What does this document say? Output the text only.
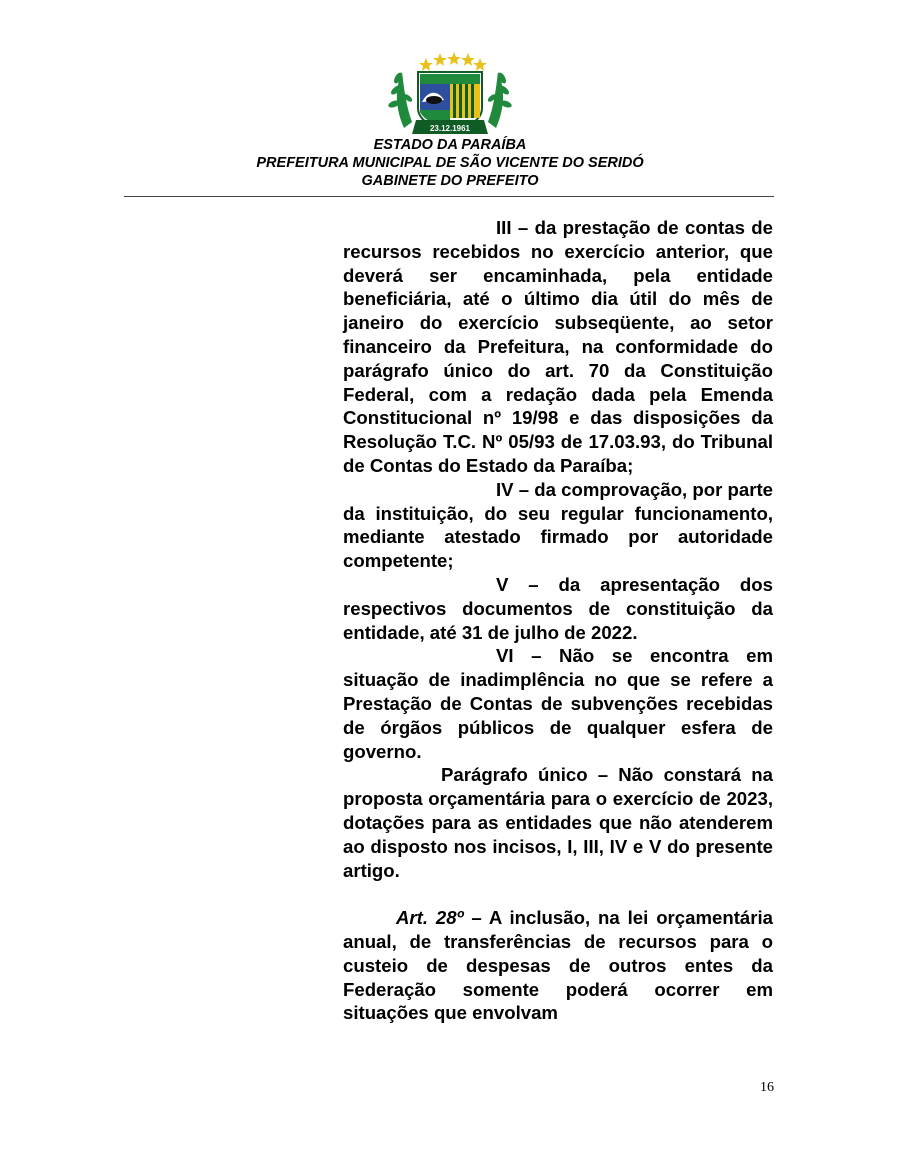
23.12.1961
ESTADO DA PARAÍBA
PREFEITURA MUNICIPAL DE SÃO VICENTE DO SERIDÓ
GABINETE DO PREFEITO

III – da prestação de contas de recursos recebidos no exercício anterior, que deverá ser encaminhada, pela entidade beneficiária, até o último dia útil do mês de janeiro do exercício subseqüente, ao setor financeiro da Prefeitura, na conformidade do parágrafo único do art. 70 da Constituição Federal, com a redação dada pela Emenda Constitucional nº 19/98 e das disposições da Resolução T.C. Nº 05/93 de 17.03.93, do Tribunal de Contas do Estado da Paraíba;

IV – da comprovação, por parte da instituição, do seu regular funcionamento, mediante atestado firmado por autoridade competente;

V – da apresentação dos respectivos documentos de constituição da entidade, até 31 de julho de 2022.

VI – Não se encontra em situação de inadimplência no que se refere a Prestação de Contas de subvenções recebidas de órgãos públicos de qualquer esfera de governo.

Parágrafo único – Não constará na proposta orçamentária para o exercício de 2023, dotações para as entidades que não atenderem ao disposto nos incisos, I, III, IV e V do presente artigo.

Art. 28º – A inclusão, na lei orçamentária anual, de transferências de recursos para o custeio de despesas de outros entes da Federação somente poderá ocorrer em situações que envolvam

16
